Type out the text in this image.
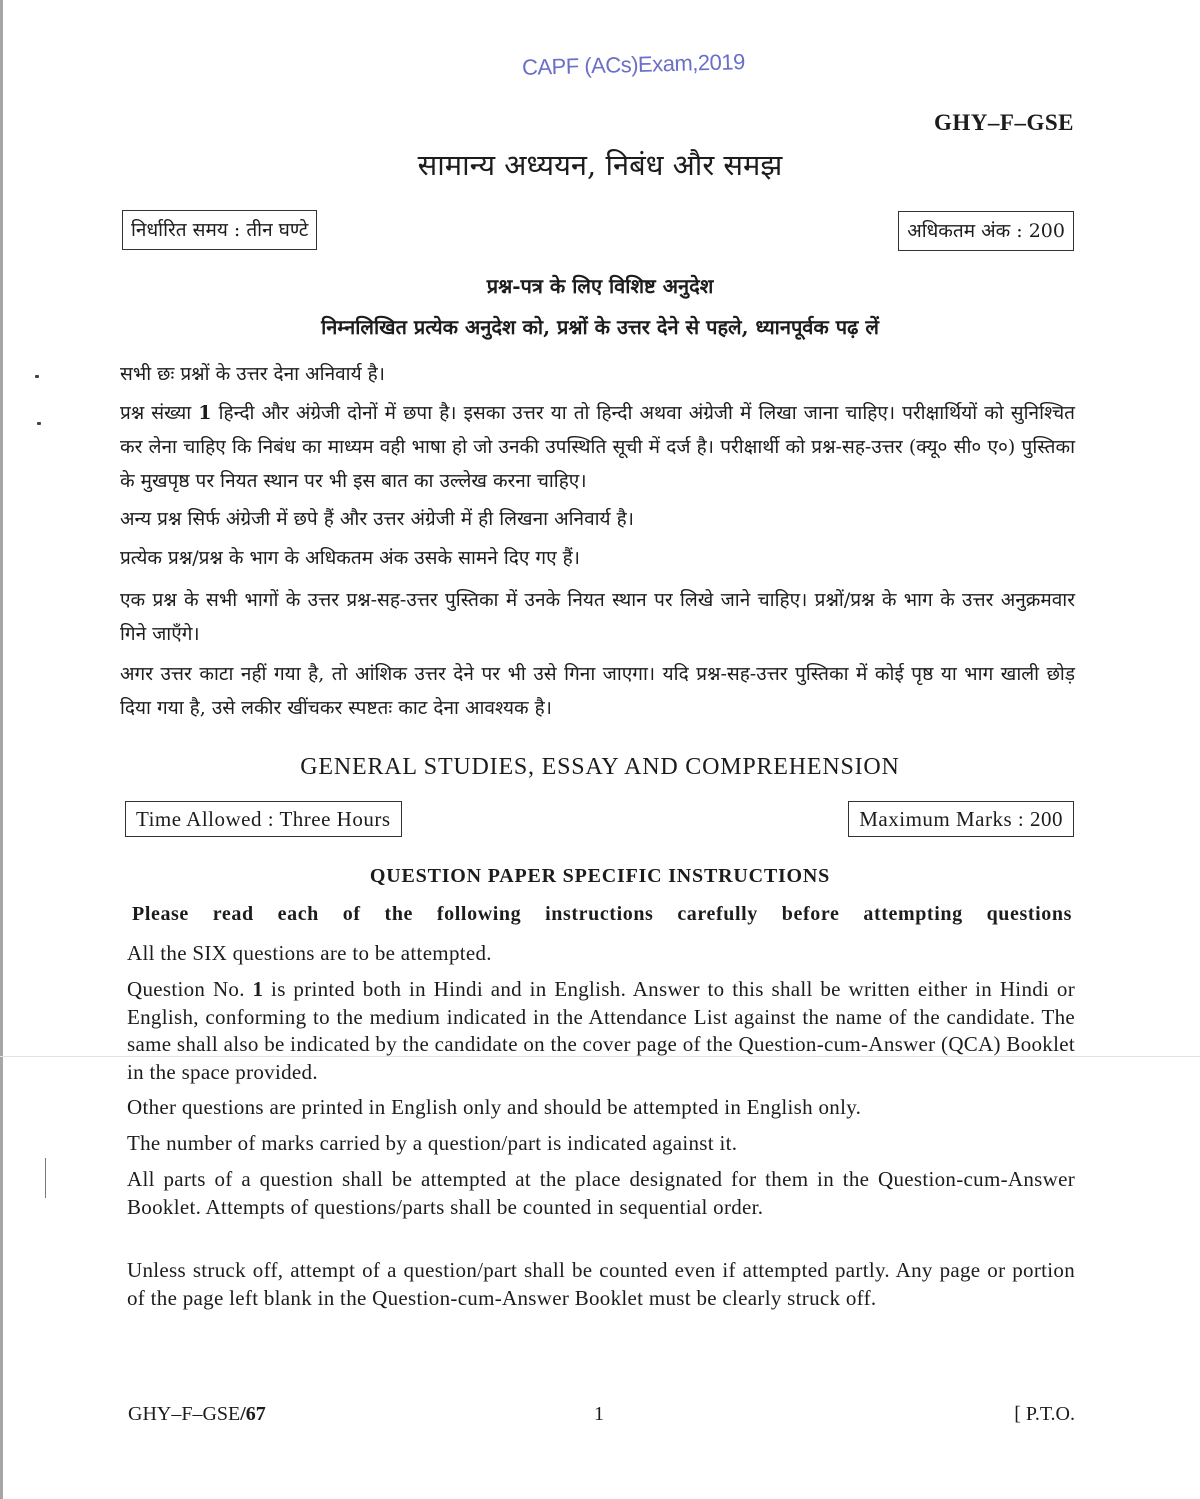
CAPF (ACs)Exam,2019
GHY–F–GSE
सामान्य अध्ययन, निबंध और समझ
निर्धारित समय : तीन घण्टे	अधिकतम अंक : 200
प्रश्न-पत्र के लिए विशिष्ट अनुदेश
निम्नलिखित प्रत्येक अनुदेश को, प्रश्नों के उत्तर देने से पहले, ध्यानपूर्वक पढ़ लें

सभी छः प्रश्नों के उत्तर देना अनिवार्य है।

प्रश्न संख्या 1 हिन्दी और अंग्रेजी दोनों में छपा है। इसका उत्तर या तो हिन्दी अथवा अंग्रेजी में लिखा जाना चाहिए। परीक्षार्थियों को सुनिश्चित कर लेना चाहिए कि निबंध का माध्यम वही भाषा हो जो उनकी उपस्थिति सूची में दर्ज है। परीक्षार्थी को प्रश्न-सह-उत्तर (क्यू० सी० ए०) पुस्तिका के मुखपृष्ठ पर नियत स्थान पर भी इस बात का उल्लेख करना चाहिए।

अन्य प्रश्न सिर्फ अंग्रेजी में छपे हैं और उत्तर अंग्रेजी में ही लिखना अनिवार्य है।

प्रत्येक प्रश्न/प्रश्न के भाग के अधिकतम अंक उसके सामने दिए गए हैं।

एक प्रश्न के सभी भागों के उत्तर प्रश्न-सह-उत्तर पुस्तिका में उनके नियत स्थान पर लिखे जाने चाहिए। प्रश्नों/प्रश्न के भाग के उत्तर अनुक्रमवार गिने जाएँगे।

अगर उत्तर काटा नहीं गया है, तो आंशिक उत्तर देने पर भी उसे गिना जाएगा। यदि प्रश्न-सह-उत्तर पुस्तिका में कोई पृष्ठ या भाग खाली छोड़ दिया गया है, उसे लकीर खींचकर स्पष्टतः काट देना आवश्यक है।

GENERAL STUDIES, ESSAY AND COMPREHENSION
Time Allowed : Three Hours	Maximum Marks : 200
QUESTION PAPER SPECIFIC INSTRUCTIONS
Please read each of the following instructions carefully before attempting questions

All the SIX questions are to be attempted.

Question No. 1 is printed both in Hindi and in English. Answer to this shall be written either in Hindi or English, conforming to the medium indicated in the Attendance List against the name of the candidate. The same shall also be indicated by the candidate on the cover page of the Question-cum-Answer (QCA) Booklet in the space provided.

Other questions are printed in English only and should be attempted in English only.

The number of marks carried by a question/part is indicated against it.

All parts of a question shall be attempted at the place designated for them in the Question-cum-Answer Booklet. Attempts of questions/parts shall be counted in sequential order.

Unless struck off, attempt of a question/part shall be counted even if attempted partly. Any page or portion of the page left blank in the Question-cum-Answer Booklet must be clearly struck off.

GHY–F–GSE/67	1	[ P.T.O.
